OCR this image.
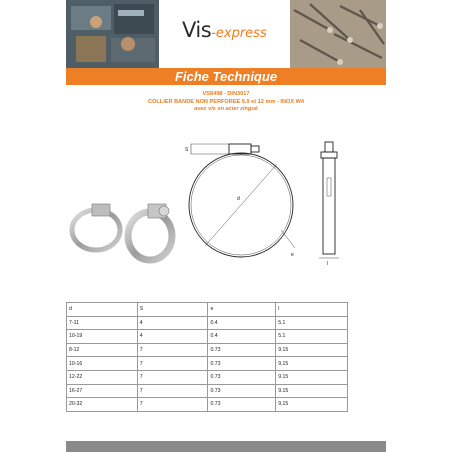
Vis-express
Fiche Technique
VS8498 - DIN3017
COLLIER BANDE NON PERFOREE 5,9 et 12 mm - INOX W4
avec vis en acier zingué
S
d
e
l
d	S	e	l
7-11	4	0.4	5.1
10-19	4	0.4	5.1
8-12	7	0.73	9.15
10-16	7	0.73	9.15
12-22	7	0.73	9.15
16-27	7	0.73	9.15
20-32	7	0.73	9.15
